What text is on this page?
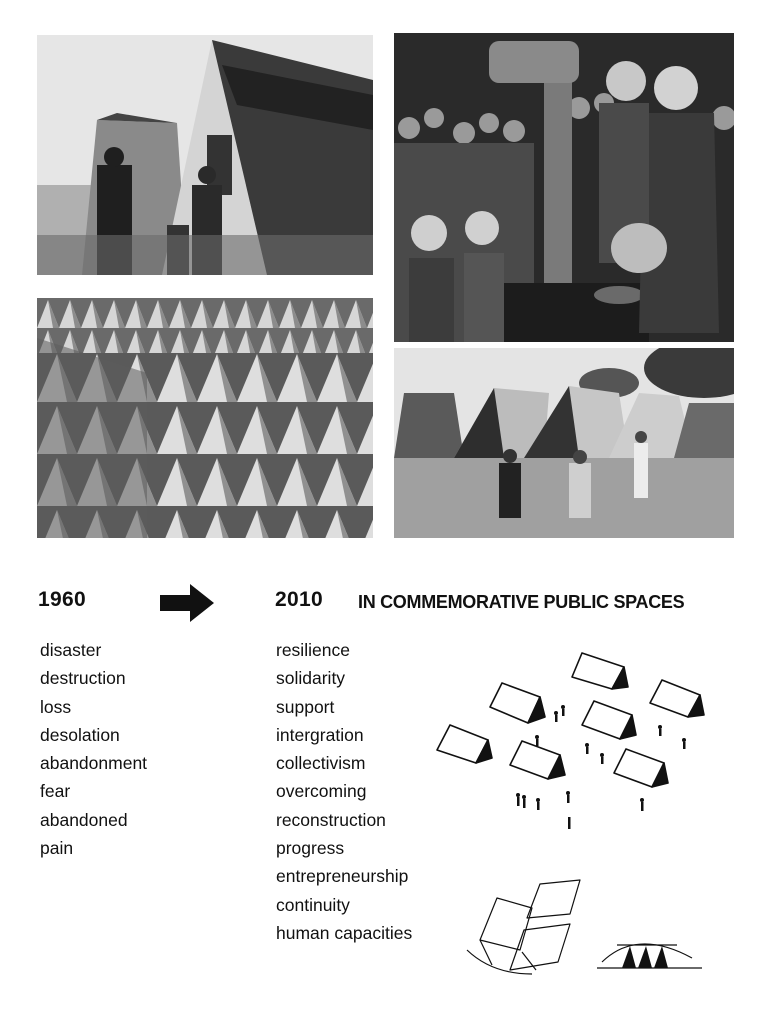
1960	2010 IN COMMEMORATIVE PUBLIC SPACES
disaster
destruction
loss
desolation
abandonment
fear
abandoned
pain
resilience
solidarity
support
intergration
collectivism
overcoming
reconstruction
progress
entrepreneurship
continuity
human capacities
